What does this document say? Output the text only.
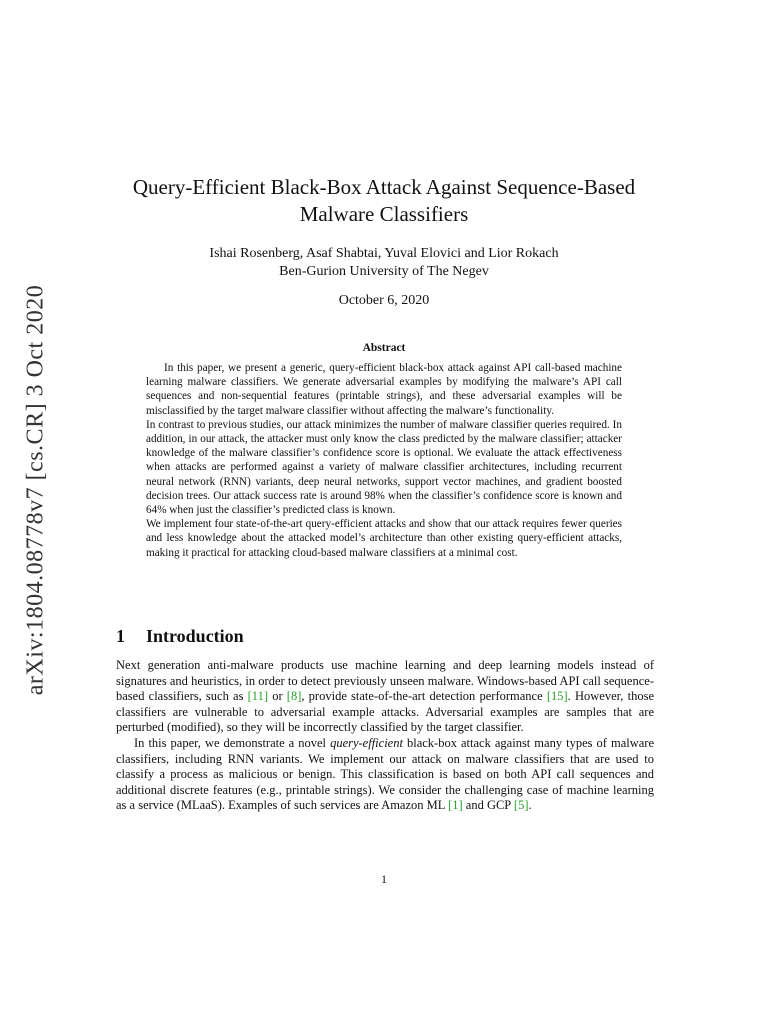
arXiv:1804.08778v7 [cs.CR] 3 Oct 2020
Query-Efficient Black-Box Attack Against Sequence-Based
Malware Classifiers
Ishai Rosenberg, Asaf Shabtai, Yuval Elovici and Lior Rokach
Ben-Gurion University of The Negev
October 6, 2020
Abstract

In this paper, we present a generic, query-efficient black-box attack against API call-based machine learning malware classifiers. We generate adversarial examples by modifying the malware’s API call sequences and non-sequential features (printable strings), and these adversarial examples will be misclassified by the target malware classifier without affecting the malware’s functionality.

In contrast to previous studies, our attack minimizes the number of malware classifier queries required. In addition, in our attack, the attacker must only know the class predicted by the malware classifier; attacker knowledge of the malware classifier’s confidence score is optional. We evaluate the attack effectiveness when attacks are performed against a variety of malware classifier architectures, including recurrent neural network (RNN) variants, deep neural networks, support vector machines, and gradient boosted decision trees. Our attack success rate is around 98% when the classifier’s confidence score is known and 64% when just the classifier’s predicted class is known.

We implement four state-of-the-art query-efficient attacks and show that our attack requires fewer queries and less knowledge about the attacked model’s architecture than other existing query-efficient attacks, making it practical for attacking cloud-based malware classifiers at a minimal cost.

1 Introduction

Next generation anti-malware products use machine learning and deep learning models instead of signatures and heuristics, in order to detect previously unseen malware. Windows-based API call sequence-based classifiers, such as [11] or [8], provide state-of-the-art detection performance [15]. However, those classifiers are vulnerable to adversarial example attacks. Adversarial examples are samples that are perturbed (modified), so they will be incorrectly classified by the target classifier.

In this paper, we demonstrate a novel query-efficient black-box attack against many types of malware classifiers, including RNN variants. We implement our attack on malware classifiers that are used to classify a process as malicious or benign. This classification is based on both API call sequences and additional discrete features (e.g., printable strings). We consider the challenging case of machine learning as a service (MLaaS). Examples of such services are Amazon ML [1] and GCP [5].

1
